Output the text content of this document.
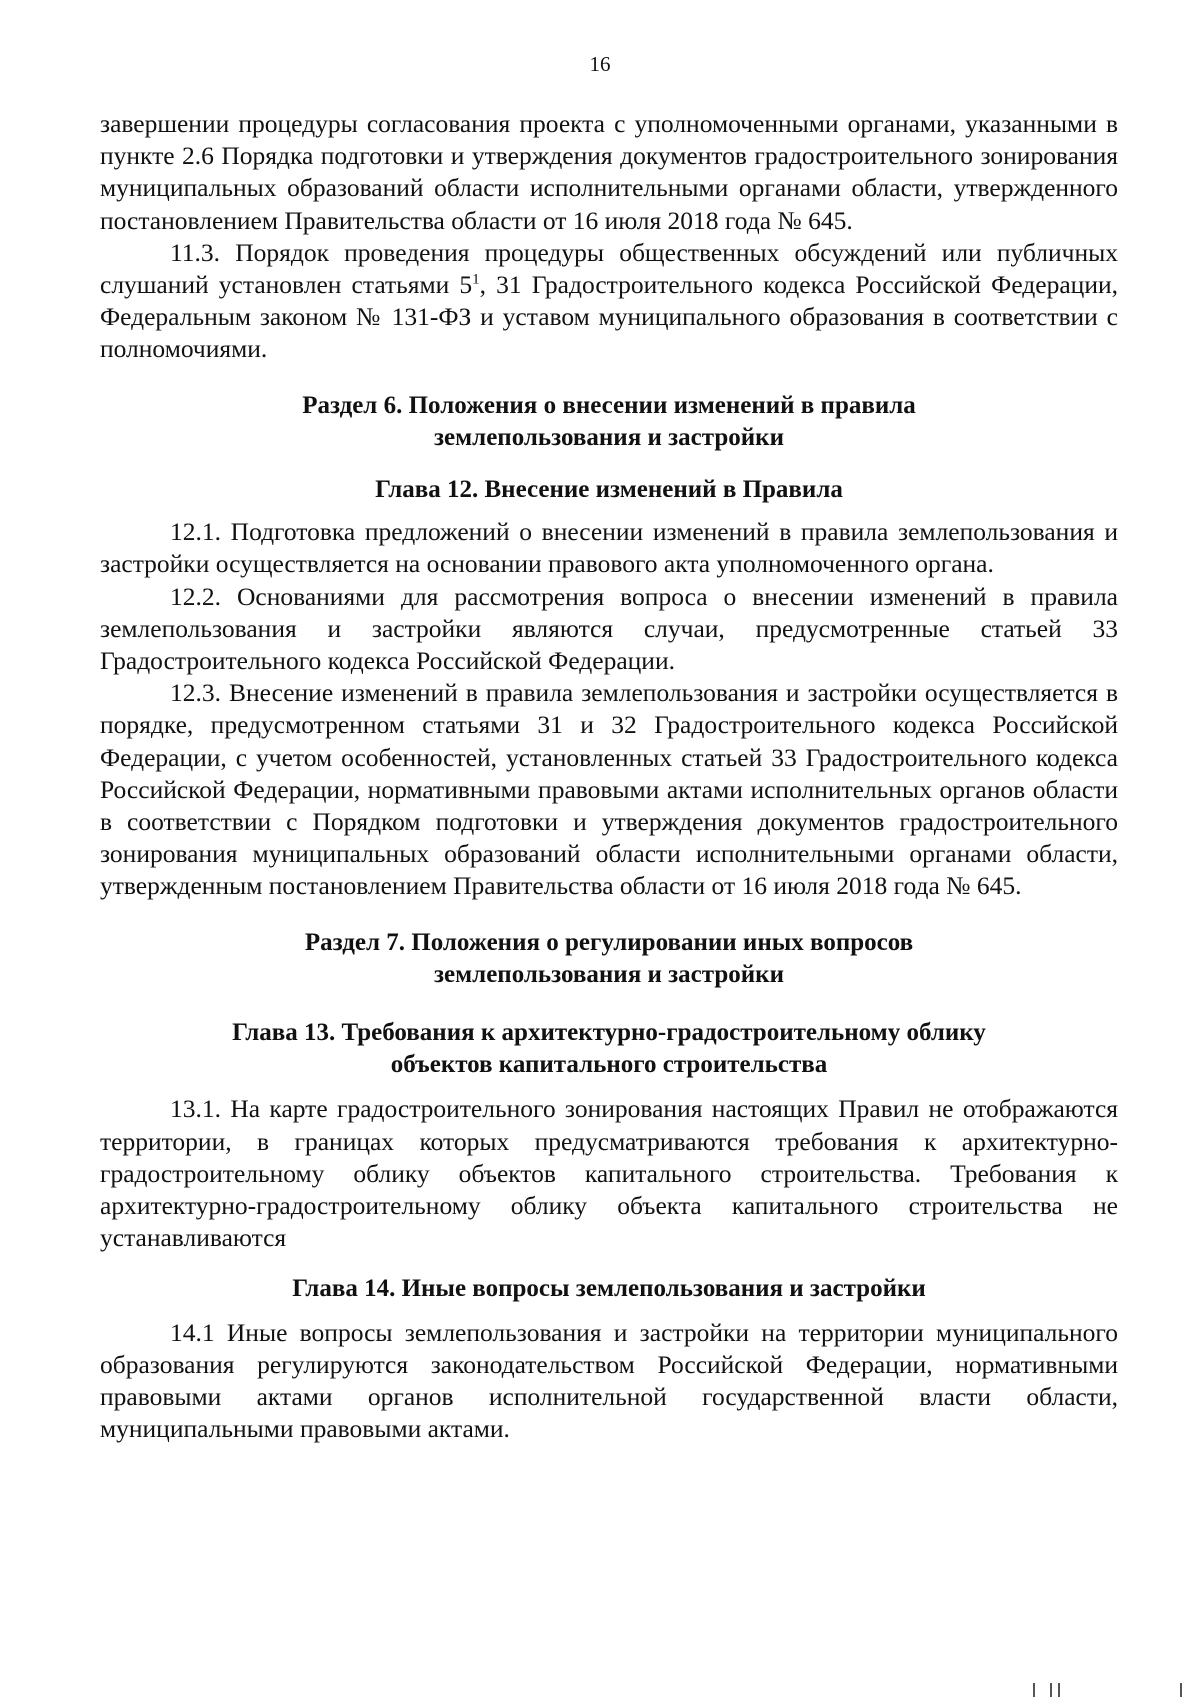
16

завершении процедуры согласования проекта с уполномоченными органами, указанными в пункте 2.6 Порядка подготовки и утверждения документов градостроительного зонирования муниципальных образований области исполнительными органами области, утвержденного постановлением Правительства области от 16 июля 2018 года № 645.

11.3. Порядок проведения процедуры общественных обсуждений или публичных слушаний установлен статьями $5^1$, 31 Градостроительного кодекса Российской Федерации, Федеральным законом № 131-ФЗ и уставом муниципального образования в соответствии с полномочиями.

Раздел 6. Положения о внесении изменений в правила
землепользования и застройки
Глава 12. Внесение изменений в Правила

12.1. Подготовка предложений о внесении изменений в правила землепользования и застройки осуществляется на основании правового акта уполномоченного органа.

12.2. Основаниями для рассмотрения вопроса о внесении изменений в правила землепользования и застройки являются случаи, предусмотренные статьей 33 Градостроительного кодекса Российской Федерации.

12.3. Внесение изменений в правила землепользования и застройки осуществляется в порядке, предусмотренном статьями 31 и 32 Градостроительного кодекса Российской Федерации, с учетом особенностей, установленных статьей 33 Градостроительного кодекса Российской Федерации, нормативными правовыми актами исполнительных органов области в соответствии с Порядком подготовки и утверждения документов градостроительного зонирования муниципальных образований области исполнительными органами области, утвержденным постановлением Правительства области от 16 июля 2018 года № 645.

Раздел 7. Положения о регулировании иных вопросов
землепользования и застройки
Глава 13. Требования к архитектурно-градостроительному облику
объектов капитального строительства

13.1. На карте градостроительного зонирования настоящих Правил не отображаются территории, в границах которых предусматриваются требования к архитектурно-градостроительному облику объектов капитального строительства. Требования к архитектурно-градостроительному облику объекта капитального строительства не устанавливаются

Глава 14. Иные вопросы землепользования и застройки

14.1 Иные вопросы землепользования и застройки на территории муниципального образования регулируются законодательством Российской Федерации, нормативными правовыми актами органов исполнительной государственной власти области, муниципальными правовыми актами.
